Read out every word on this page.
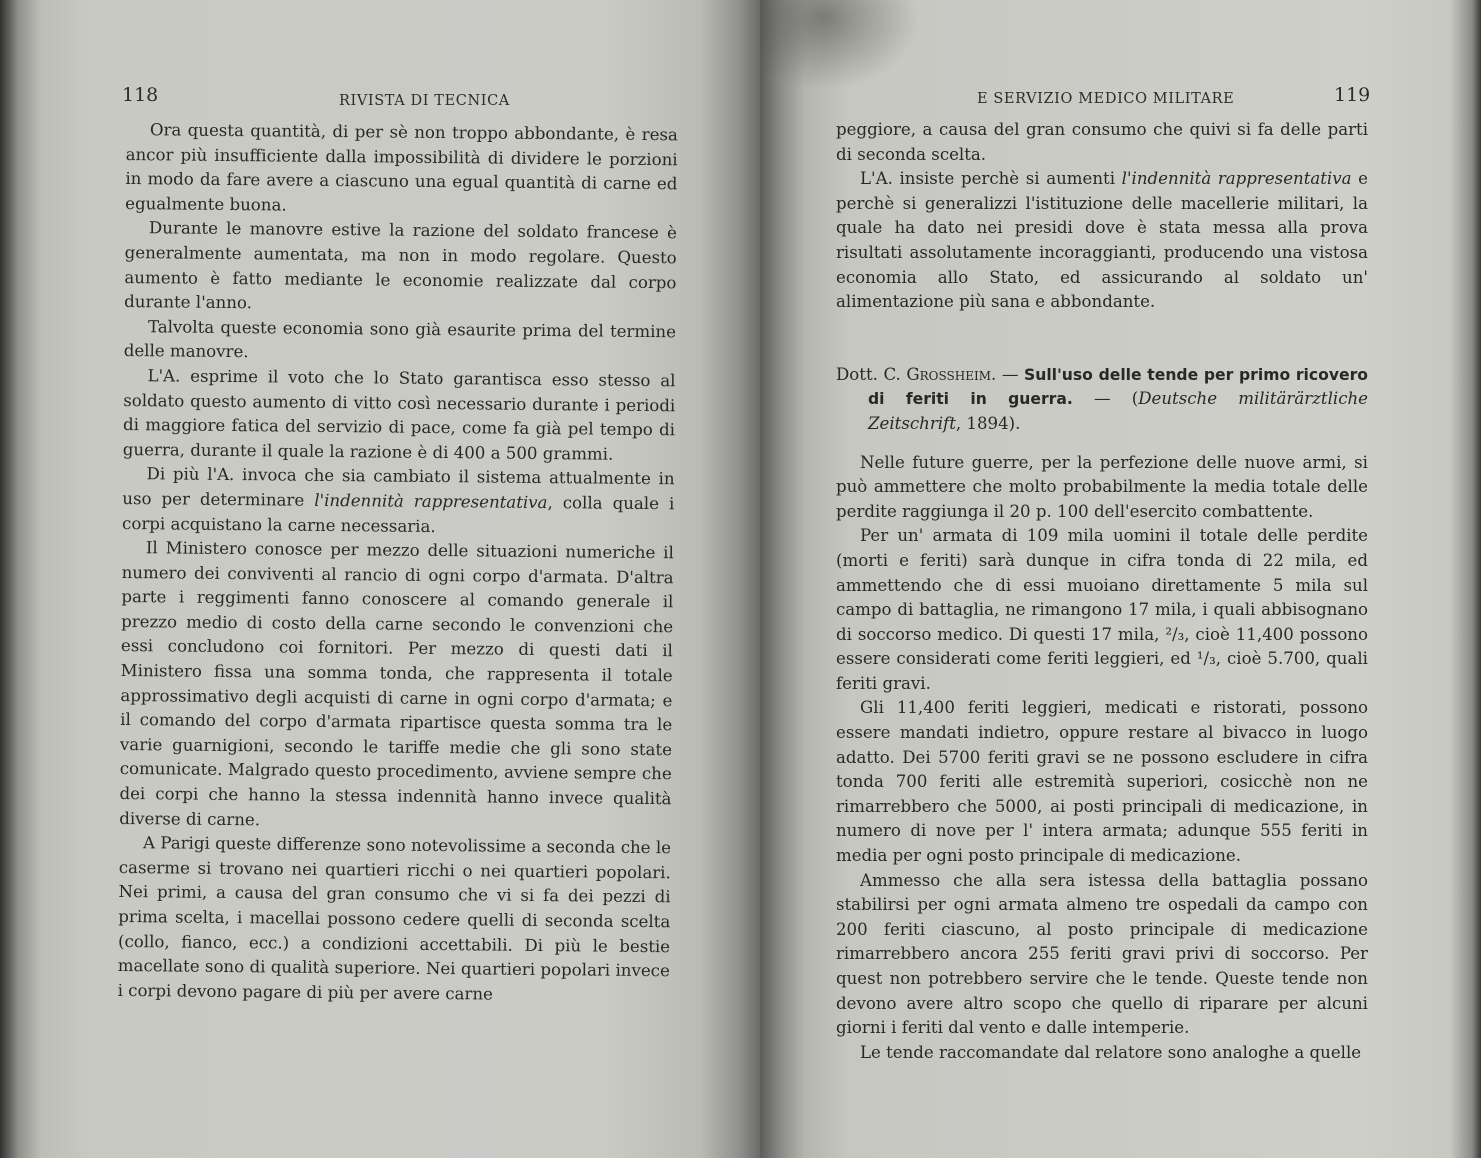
118	RIVISTA DI TECNICA	E SERVIZIO MEDICO MILITARE	119

Ora questa quantità, di per sè non troppo abbondante, è resa ancor più insufficiente dalla impossibilità di dividere le porzioni in modo da fare avere a ciascuno una egual quantità di carne ed egualmente buona.

Durante le manovre estive la razione del soldato francese è generalmente aumentata, ma non in modo regolare. Questo aumento è fatto mediante le economie realizzate dal corpo durante l'anno.

Talvolta queste economia sono già esaurite prima del termine delle manovre.

L'A. esprime il voto che lo Stato garantisca esso stesso al soldato questo aumento di vitto così necessario durante i periodi di maggiore fatica del servizio di pace, come fa già pel tempo di guerra, durante il quale la razione è di 400 a 500 grammi.

Di più l'A. invoca che sia cambiato il sistema attualmente in uso per determinare l'indennità rappresentativa, colla quale i corpi acquistano la carne necessaria.

Il Ministero conosce per mezzo delle situazioni numeriche il numero dei conviventi al rancio di ogni corpo d'armata. D'altra parte i reggimenti fanno conoscere al comando generale il prezzo medio di costo della carne secondo le convenzioni che essi concludono coi fornitori. Per mezzo di questi dati il Ministero fissa una somma tonda, che rappresenta il totale approssimativo degli acquisti di carne in ogni corpo d'armata; e il comando del corpo d'armata ripartisce questa somma tra le varie guarnigioni, secondo le tariffe medie che gli sono state comunicate. Malgrado questo procedimento, avviene sempre che dei corpi che hanno la stessa indennità hanno invece qualità diverse di carne.

A Parigi queste differenze sono notevolissime a seconda che le caserme si trovano nei quartieri ricchi o nei quartieri popolari. Nei primi, a causa del gran consumo che vi si fa dei pezzi di prima scelta, i macellai possono cedere quelli di seconda scelta (collo, fianco, ecc.) a condizioni accettabili. Di più le bestie macellate sono di qualità superiore. Nei quartieri popolari invece i corpi devono pagare di più per avere carne

peggiore, a causa del gran consumo che quivi si fa delle parti di seconda scelta.

L'A. insiste perchè si aumenti l'indennità rappresentativa e perchè si generalizzi l'istituzione delle macellerie militari, la quale ha dato nei presidi dove è stata messa alla prova risultati assolutamente incoraggianti, producendo una vistosa economia allo Stato, ed assicurando al soldato un' alimentazione più sana e abbondante.

Dott. C. Grossheim. — Sull'uso delle tende per primo ricovero di feriti in guerra. — (Deutsche militärärztliche Zeitschrift, 1894).

Nelle future guerre, per la perfezione delle nuove armi, si può ammettere che molto probabilmente la media totale delle perdite raggiunga il 20 p. 100 dell'esercito combattente.

Per un' armata di 109 mila uomini il totale delle perdite (morti e feriti) sarà dunque in cifra tonda di 22 mila, ed ammettendo che di essi muoiano direttamente 5 mila sul campo di battaglia, ne rimangono 17 mila, i quali abbisognano di soccorso medico. Di questi 17 mila, ²/₃, cioè 11,400 possono essere considerati come feriti leggieri, ed ¹/₃, cioè 5.700, quali feriti gravi.

Gli 11,400 feriti leggieri, medicati e ristorati, possono essere mandati indietro, oppure restare al bivacco in luogo adatto. Dei 5700 feriti gravi se ne possono escludere in cifra tonda 700 feriti alle estremità superiori, cosicchè non ne rimarrebbero che 5000, ai posti principali di medicazione, in numero di nove per l' intera armata; adunque 555 feriti in media per ogni posto principale di medicazione.

Ammesso che alla sera istessa della battaglia possano stabilirsi per ogni armata almeno tre ospedali da campo con 200 feriti ciascuno, al posto principale di medicazione rimarrebbero ancora 255 feriti gravi privi di soccorso. Per quest non potrebbero servire che le tende. Queste tende non devono avere altro scopo che quello di riparare per alcuni giorni i feriti dal vento e dalle intemperie.

Le tende raccomandate dal relatore sono analoghe a quelle
